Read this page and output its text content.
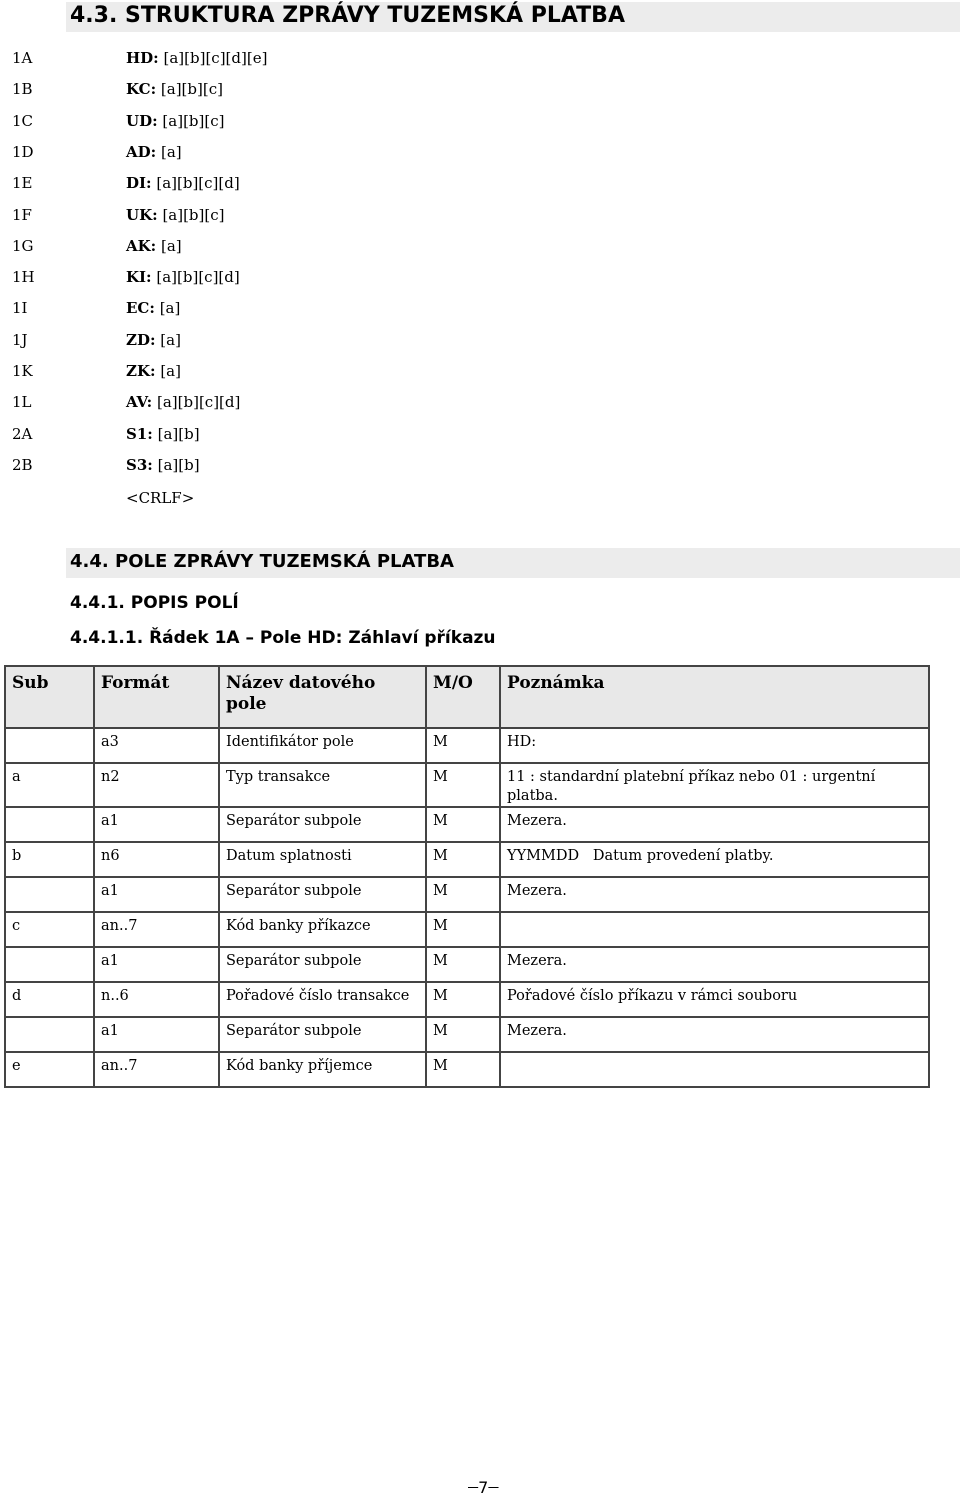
4.3. STRUKTURA ZPRÁVY TUZEMSKÁ PLATBA
1A	HD: [a][b][c][d][e]
1B	KC: [a][b][c]
1C	UD: [a][b][c]
1D	AD: [a]
1E	DI: [a][b][c][d]
1F	UK: [a][b][c]
1G	AK: [a]
1H	KI: [a][b][c][d]
1I	EC: [a]
1J	ZD: [a]
1K	ZK: [a]
1L	AV: [a][b][c][d]
2A	S1: [a][b]
2B	S3: [a][b]
<CRLF>
4.4. POLE ZPRÁVY TUZEMSKÁ PLATBA
4.4.1. POPIS POLÍ
4.4.1.1. Řádek 1A – Pole HD: Záhlaví příkazu
Sub	Formát	Název datového pole	M/O	Poznámka
	a3	Identifikátor pole	M	HD:
a	n2	Typ transakce	M	11 : standardní platební příkaz nebo 01 : urgentní platba.
	a1	Separátor subpole	M	Mezera.
b	n6	Datum splatnosti	M	YYMMDD   Datum provedení platby.
	a1	Separátor subpole	M	Mezera.
c	an..7	Kód banky příkazce	M	
	a1	Separátor subpole	M	Mezera.
d	n..6	Pořadové číslo transakce	M	Pořadové číslo příkazu v rámci souboru
	a1	Separátor subpole	M	Mezera.
e	an..7	Kód banky příjemce	M	
7
